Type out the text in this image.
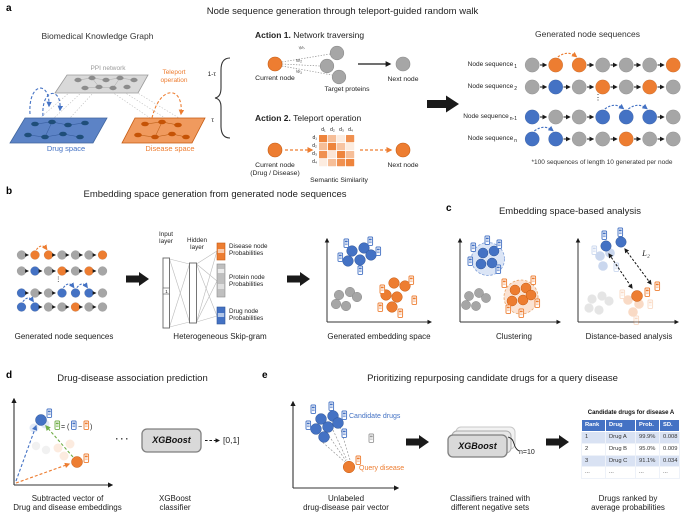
a	Node sequence generation through teleport-guided random walk
Biomedical Knowledge Graph
PPI network
Teleport
operation
Drug space	Disease space
1-τ
τ
Action 1. Network traversing
w₁
w₂
w₃
Current node
Target proteins
Next node
Action 2. Teleport operation
d₁ d₂ d₃ d₄
d₁
d₂
d₃
d₄
Current node
(Drug / Disease)
Semantic Similarity
Next node
Generated node sequences
Node sequence$_1$
Node sequence$_2$
Node sequence$_{n-1}$
Node sequence$_n$
⋮
*100 sequences of length 10 generated per node
b	Embedding space generation from generated node sequences
⋮
Generated node sequences
Input
layer	Hidden
layer
1
Disease node
Probabilities
Protein node
Probabilities
Drug node
Probabilities
Heterogeneous Skip-gram	Generated embedding space
c	Embedding space-based analysis
L₂
Clustering	Distance-based analysis
d	Drug-disease association prediction
= ( − )
···	XGBoost	[0,1]
Subtracted vector of
Drug and disease embeddings
XGBoost
classifier
e	Prioritizing repurposing candidate drugs for a query disease
Candidate drugs
Query disease
XGBoost
n=10
Unlabeled
drug-disease pair vector
Classifiers trained with
different negative sets
Drugs ranked by
average probabilities
Candidate drugs for disease A
Rank	Drug	Prob.	SD.
1	Drug A	99.9%	0.008
2	Drug B	95.0%	0.009
3	Drug C	91.1%	0.034
...	...	...	...
